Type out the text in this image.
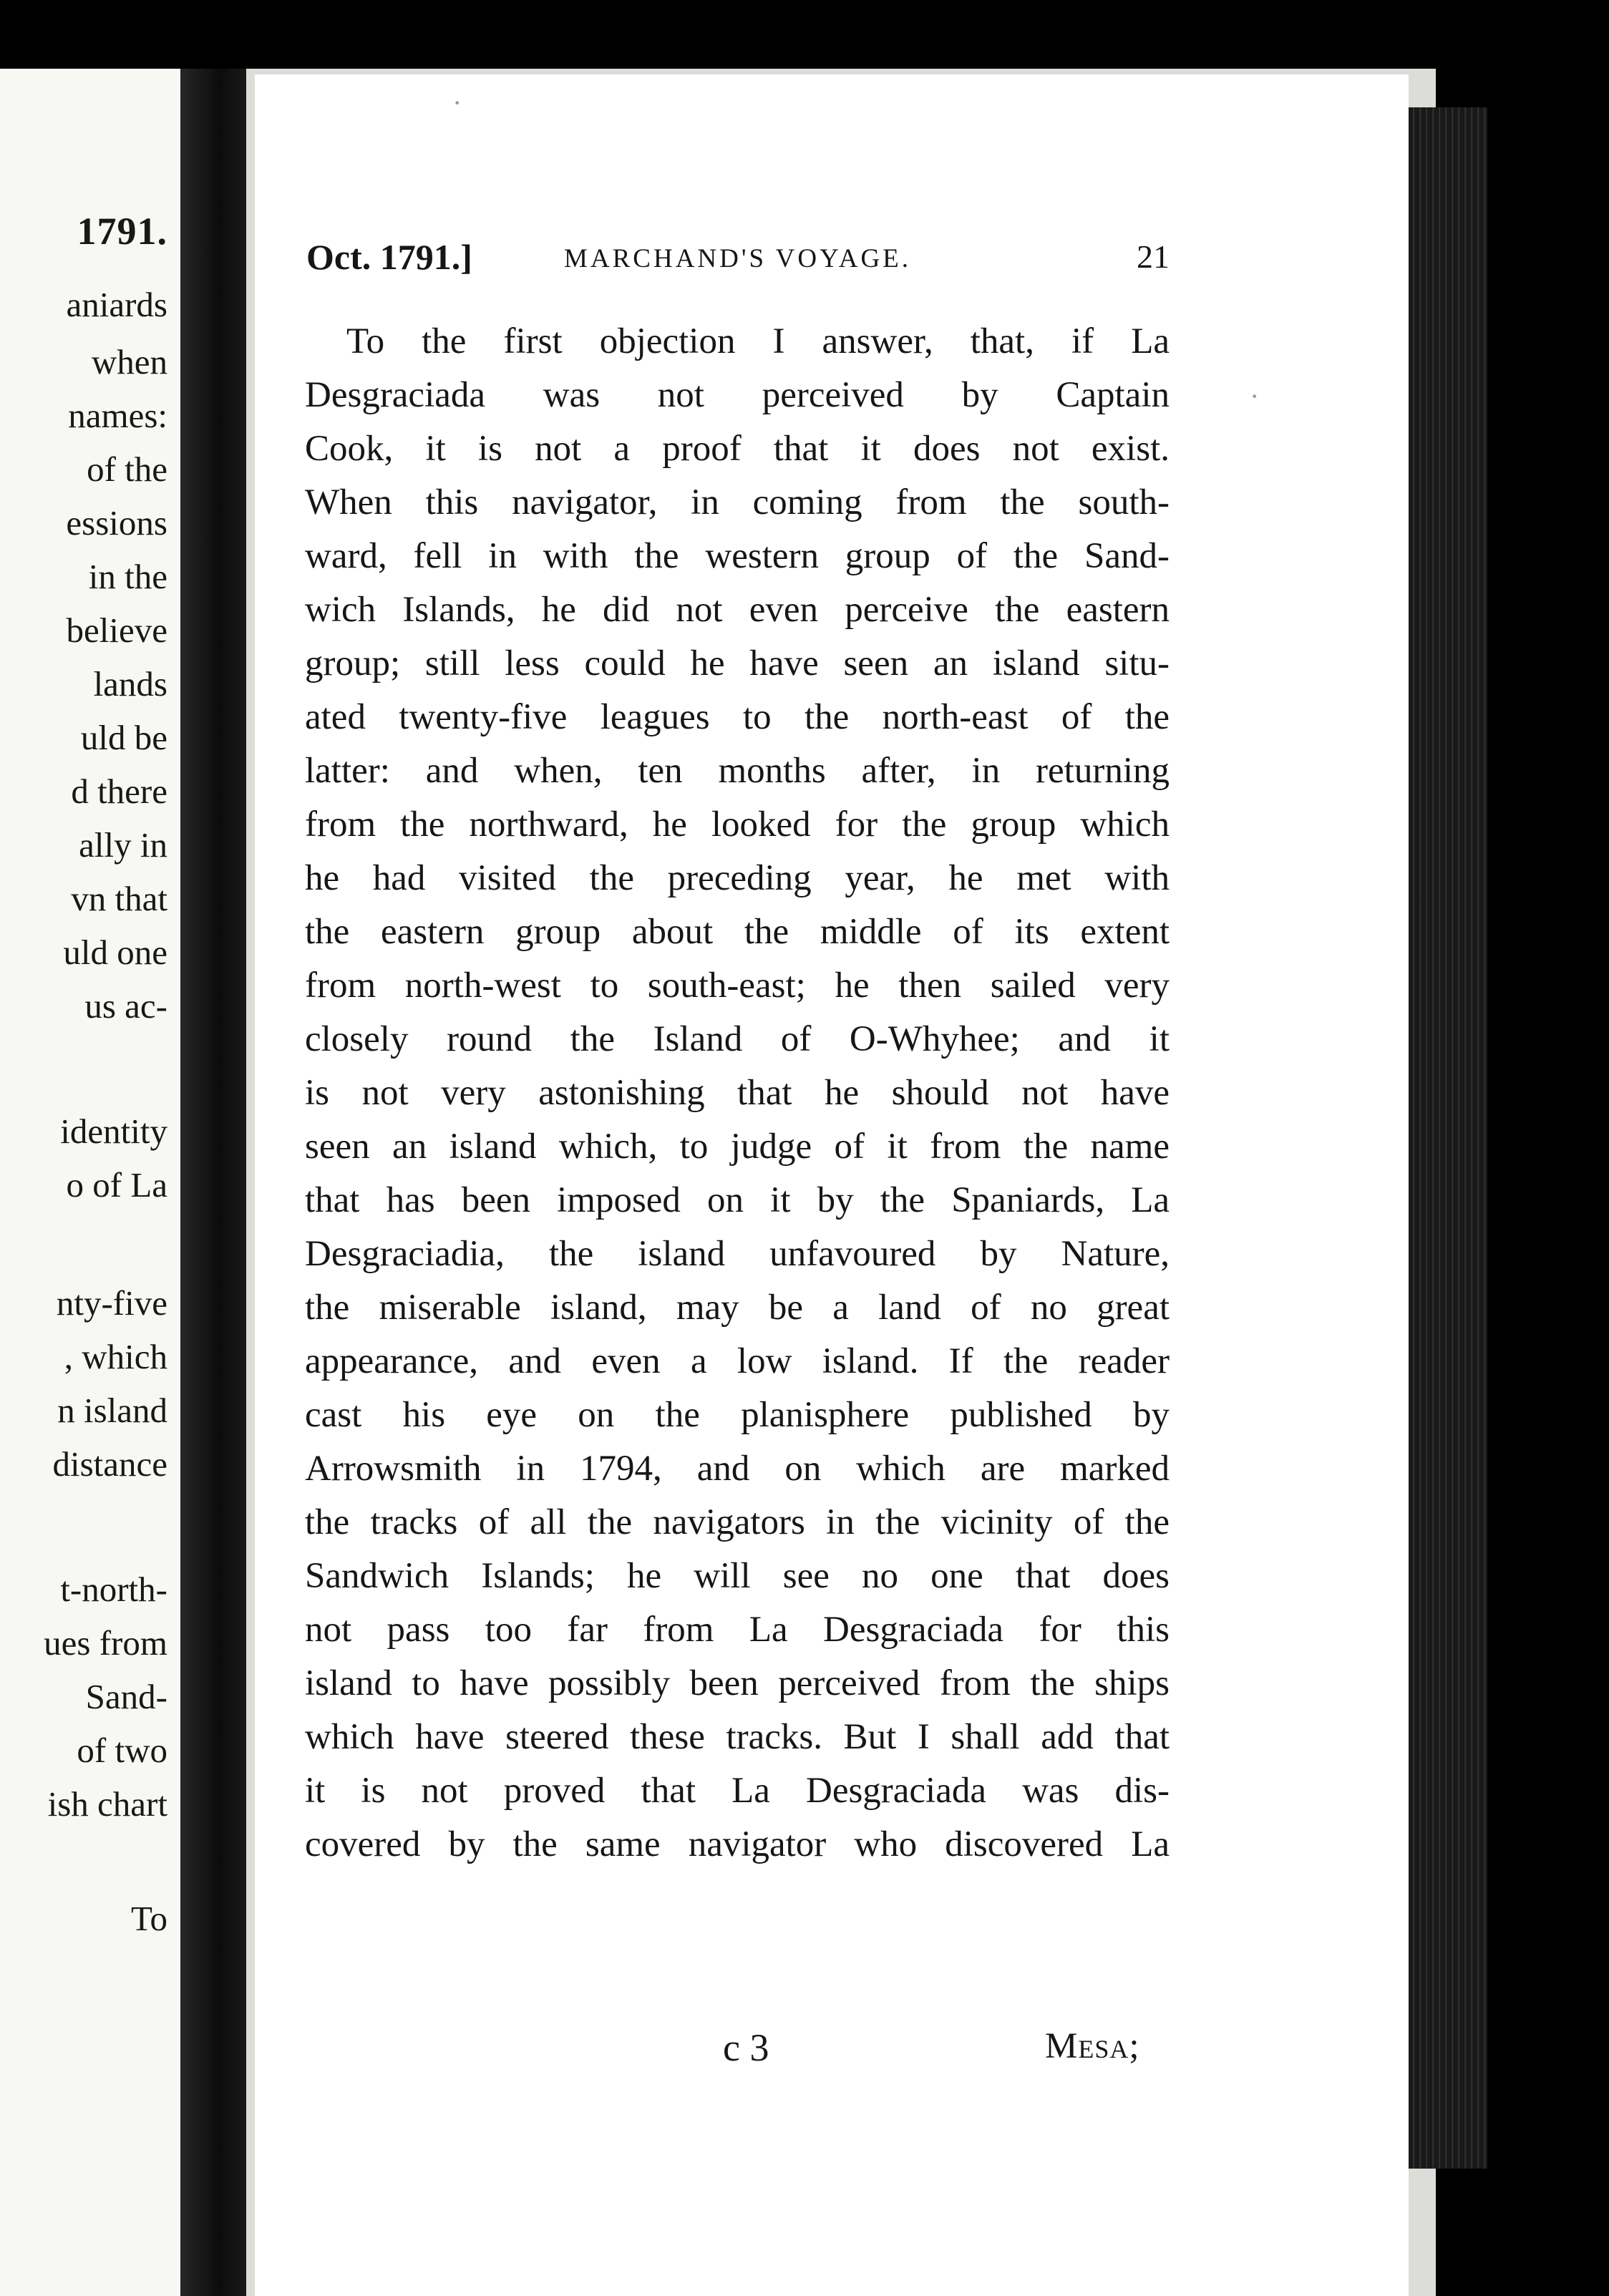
1791.
aniards
when
names:
of the
essions
in the
believe
lands
uld be
d there
ally in
vn that
uld one
us ac-
identity
o of La
nty-five
, which
n island
distance
t-north-
ues from
Sand-
of two
ish chart
To
·
·
Oct. 1791.]	MARCHAND'S VOYAGE.	21
To the first objection I answer, that, if La
Desgraciada was not perceived by Captain
Cook, it is not a proof that it does not exist.
When this navigator, in coming from the south-
ward, fell in with the western group of the Sand-
wich Islands, he did not even perceive the eastern
group; still less could he have seen an island situ-
ated twenty-five leagues to the north-east of the
latter: and when, ten months after, in returning
from the northward, he looked for the group which
he had visited the preceding year, he met with
the eastern group about the middle of its extent
from north-west to south-east; he then sailed very
closely round the Island of O-Whyhee; and it
is not very astonishing that he should not have
seen an island which, to judge of it from the name
that has been imposed on it by the Spaniards, La
Desgraciadia, the island unfavoured by Nature,
the miserable island, may be a land of no great
appearance, and even a low island. If the reader
cast his eye on the planisphere published by
Arrowsmith in 1794, and on which are marked
the tracks of all the navigators in the vicinity of the
Sandwich Islands; he will see no one that does
not pass too far from La Desgraciada for this
island to have possibly been perceived from the ships
which have steered these tracks. But I shall add that
it is not proved that La Desgraciada was dis-
covered by the same navigator who discovered La
c 3	Mesa;
